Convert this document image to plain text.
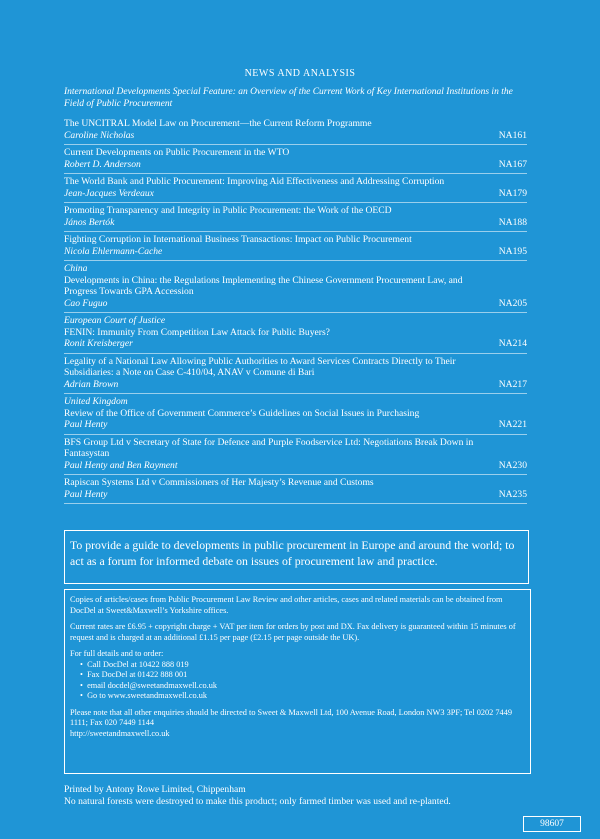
NEWS AND ANALYSIS
International Developments Special Feature: an Overview of the Current Work of Key International Institutions in the Field of Public Procurement
The UNCITRAL Model Law on Procurement—the Current Reform Programme
Caroline Nicholas	NA161
Current Developments on Public Procurement in the WTO
Robert D. Anderson	NA167
The World Bank and Public Procurement: Improving Aid Effectiveness and Addressing Corruption
Jean-Jacques Verdeaux	NA179
Promoting Transparency and Integrity in Public Procurement: the Work of the OECD
János Bertók	NA188
Fighting Corruption in International Business Transactions: Impact on Public Procurement
Nicola Ehlermann-Cache	NA195
China
Developments in China: the Regulations Implementing the Chinese Government Procurement Law, and Progress Towards GPA Accession
Cao Fuguo	NA205
European Court of Justice
FENIN: Immunity From Competition Law Attack for Public Buyers?
Ronit Kreisberger	NA214
Legality of a National Law Allowing Public Authorities to Award Services Contracts Directly to Their Subsidiaries: a Note on Case C-410/04, ANAV v Comune di Bari
Adrian Brown	NA217
United Kingdom
Review of the Office of Government Commerce’s Guidelines on Social Issues in Purchasing
Paul Henty	NA221
BFS Group Ltd v Secretary of State for Defence and Purple Foodservice Ltd: Negotiations Break Down in Fantasystan
Paul Henty and Ben Rayment	NA230
Rapiscan Systems Ltd v Commissioners of Her Majesty’s Revenue and Customs
Paul Henty	NA235
To provide a guide to developments in public procurement in Europe and around the world; to act as a forum for informed debate on issues of procurement law and practice.

Copies of articles/cases from Public Procurement Law Review and other articles, cases and related materials can be obtained from DocDel at Sweet&Maxwell’s Yorkshire offices.

Current rates are £6.95 + copyright charge + VAT per item for orders by post and DX. Fax delivery is guaranteed within 15 minutes of request and is charged at an additional £1.15 per page (£2.15 per page outside the UK).

For full details and to order:

•  Call DocDel at 10422 888 019
•  Fax DocDel at 01422 888 001
•  email docdel@sweetandmaxwell.co.uk
•  Go to www.sweetandmaxwell.co.uk

Please note that all other enquiries should be directed to Sweet & Maxwell Ltd, 100 Avenue Road, London NW3 3PF; Tel 0202 7449 1111; Fax 020 7449 1144

http://sweetandmaxwell.co.uk

Printed by Antony Rowe Limited, Chippenham
No natural forests were destroyed to make this product; only farmed timber was used and re-planted.
98607
